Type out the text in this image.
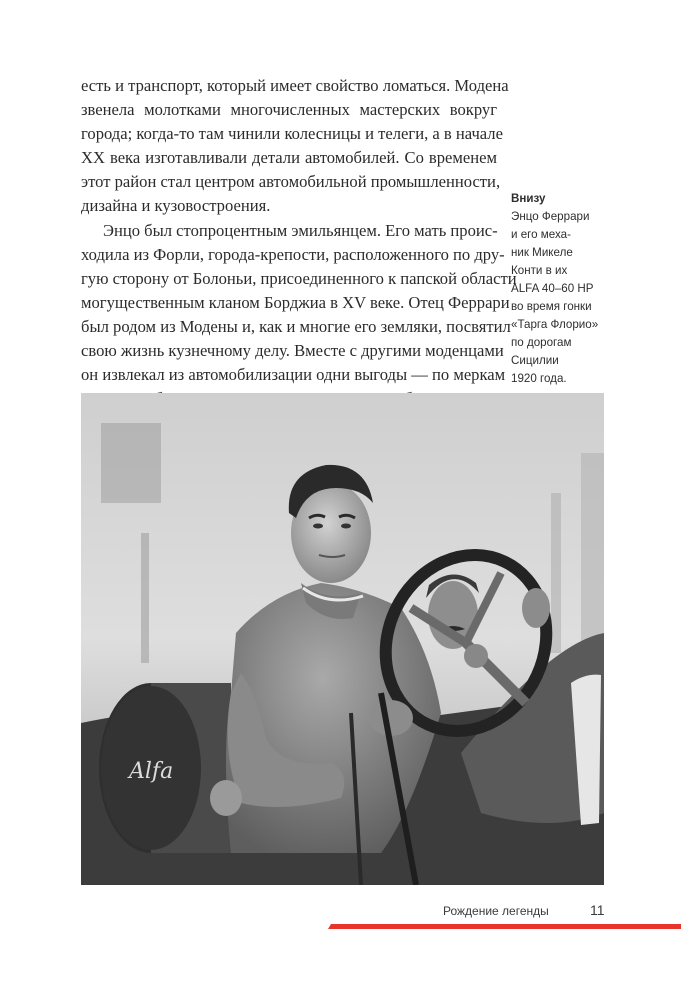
есть и транспорт, который имеет свойство ломаться. Модена
звенела молотками многочисленных мастерских вокруг
города; когда-то там чинили колесницы и телеги, а в начале
XX века изготавливали детали автомобилей. Со временем
этот район стал центром автомобильной промышленности,
дизайна и кузовостроения.
Энцо был стопроцентным эмильянцем. Его мать проис-
ходила из Форли, города-крепости, расположенного по дру-
гую сторону от Болоньи, присоединенного к папской области
могущественным кланом Борджиа в XV веке. Отец Феррари
был родом из Модены и, как и многие его земляки, посвятил
свою жизнь кузнечному делу. Вместе с другими моденцами
он извлекал из автомобилизации одни выгоды — по меркам
Внизу
Энцо Феррари
и его меха-
ник Микеле
Конти в их
ALFA 40–60 HP
во время гонки
«Тарга Флорио»
по дорогам
Сицилии
1920 года.
Alfa
Рождение легенды	11
